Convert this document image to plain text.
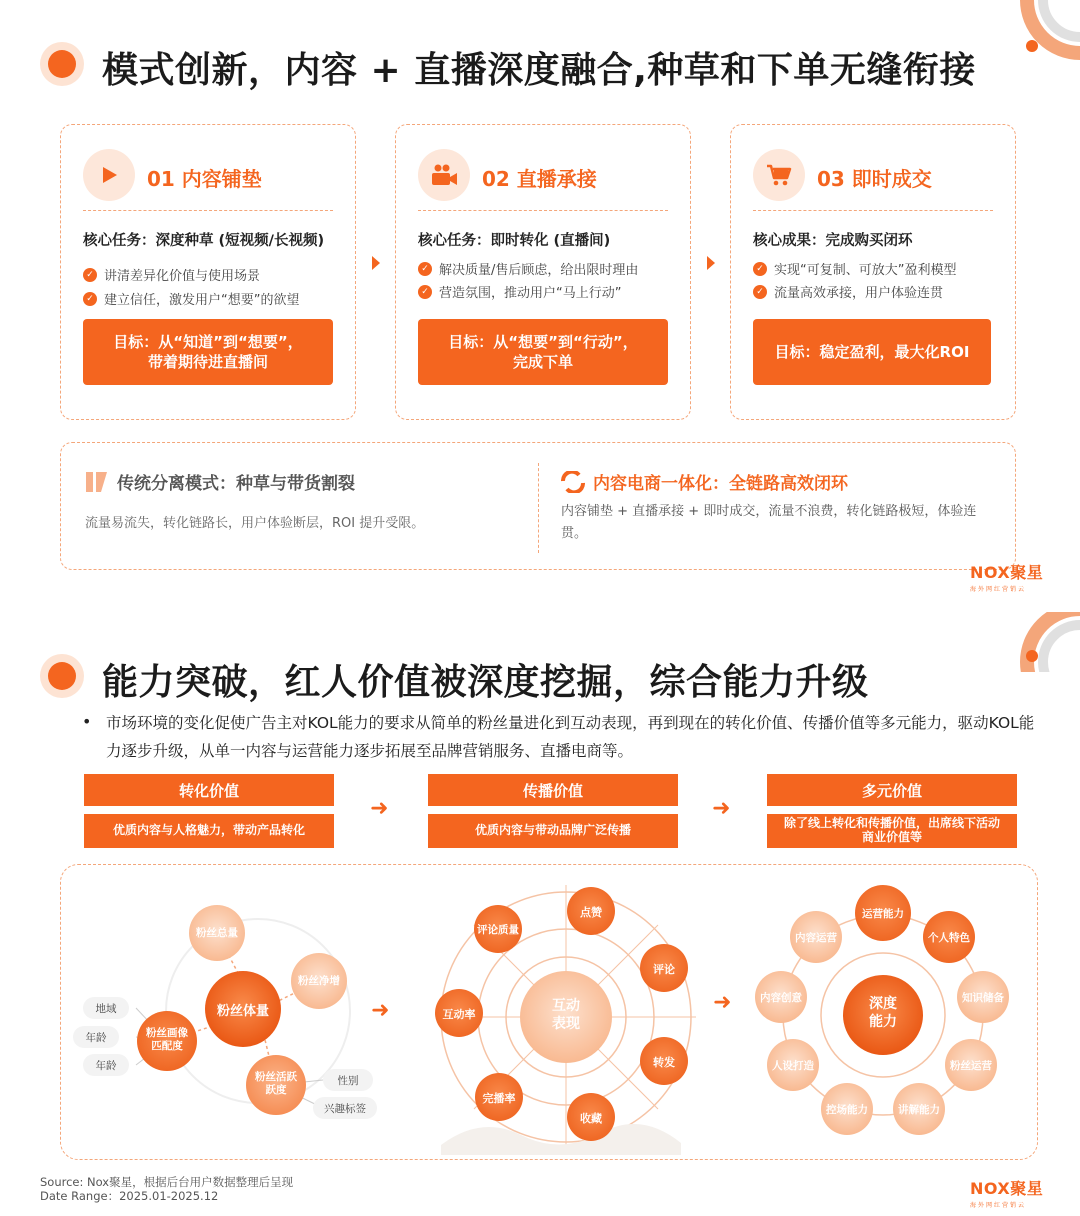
模式创新，内容 + 直播深度融合,种草和下单无缝衔接
01 内容铺垫
核心任务：深度种草 (短视频/长视频)
✓ 讲清差异化价值与使用场景
✓ 建立信任，激发用户“想要”的欲望
目标：从“知道”到“想要”，
带着期待进直播间
02 直播承接
核心任务：即时转化 (直播间)
✓ 解决质量/售后顾虑，给出限时理由
✓ 营造氛围，推动用户“马上行动”
目标：从“想要”到“行动”，
完成下单
03 即时成交
核心成果：完成购买闭环
✓ 实现“可复制、可放大”盈利模型
✓ 流量高效承接，用户体验连贯
目标：稳定盈利，最大化ROI
传统分离模式：种草与带货割裂
流量易流失，转化链路长，用户体验断层，ROI 提升受限。
内容电商一体化：全链路高效闭环
内容铺垫 + 直播承接 + 即时成交，流量不浪费，转化链路极短，体验连贯。
NOX聚星
海外网红营销云
能力突破，红人价值被深度挖掘，综合能力升级
• 市场环境的变化促使广告主对KOL能力的要求从简单的粉丝量进化到互动表现，再到现在的转化价值、传播价值等多元能力，驱动KOL能力逐步升级，从单一内容与运营能力逐步拓展至品牌营销服务、直播电商等。
转化价值
优质内容与人格魅力，带动产品转化
➜
传播价值
优质内容与带动品牌广泛传播
➜
多元价值
除了线上转化和传播价值，出席线下活动
商业价值等
➜	➜
粉丝总量
粉丝净增
粉丝画像
匹配度
粉丝活跃
跃度
粉丝体量
地域
年龄
年龄
性别
兴趣标签
互动
表现
点赞
评论
转发
收藏
完播率
互动率
评论质量
深度
能力
运营能力
个人特色
知识储备
粉丝运营
讲解能力
控场能力
人设打造
内容创意
内容运营
Source: Nox聚星，根据后台用户数据整理后呈现
Date Range：2025.01-2025.12	NOX聚星
海外网红营销云
